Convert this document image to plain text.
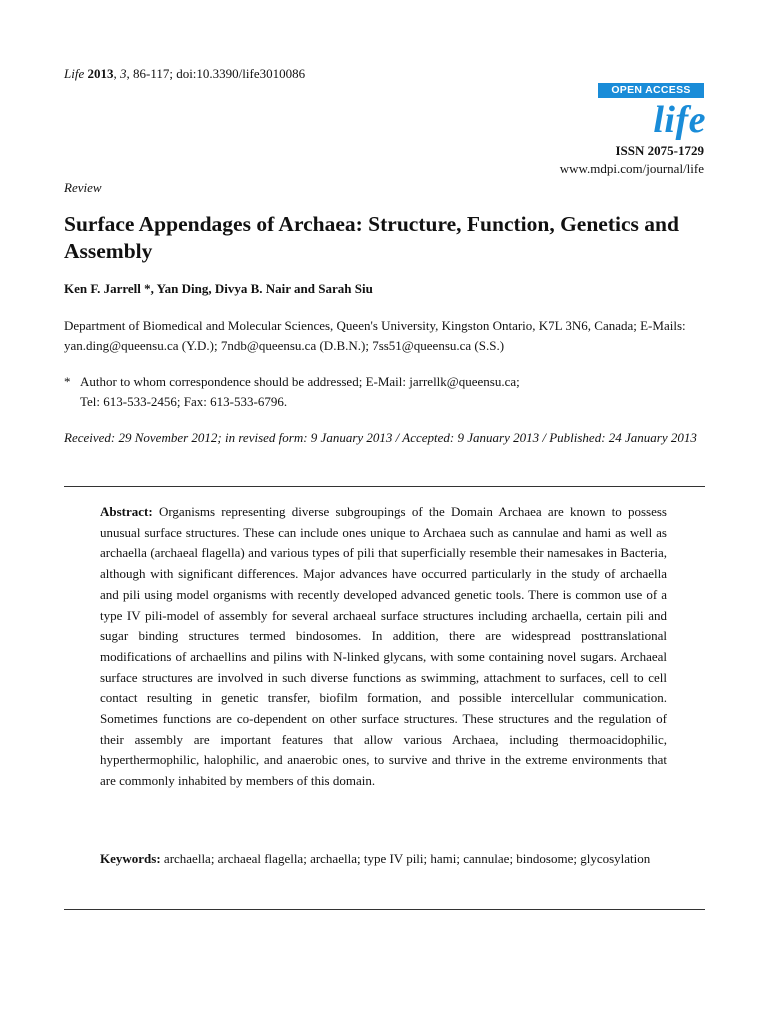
Life 2013, 3, 86-117; doi:10.3390/life3010086
OPEN ACCESS
life
ISSN 2075-1729
www.mdpi.com/journal/life
Review
Surface Appendages of Archaea: Structure, Function, Genetics and Assembly
Ken F. Jarrell *, Yan Ding, Divya B. Nair and Sarah Siu
Department of Biomedical and Molecular Sciences, Queen's University, Kingston Ontario, K7L 3N6, Canada; E-Mails: yan.ding@queensu.ca (Y.D.); 7ndb@queensu.ca (D.B.N.); 7ss51@queensu.ca (S.S.)
* Author to whom correspondence should be addressed; E-Mail: jarrellk@queensu.ca;
Tel: 613-533-2456; Fax: 613-533-6796.
Received: 29 November 2012; in revised form: 9 January 2013 / Accepted: 9 January 2013 / Published: 24 January 2013
Abstract: Organisms representing diverse subgroupings of the Domain Archaea are known to possess unusual surface structures. These can include ones unique to Archaea such as cannulae and hami as well as archaella (archaeal flagella) and various types of pili that superficially resemble their namesakes in Bacteria, although with significant differences. Major advances have occurred particularly in the study of archaella and pili using model organisms with recently developed advanced genetic tools. There is common use of a type IV pili-model of assembly for several archaeal surface structures including archaella, certain pili and sugar binding structures termed bindosomes. In addition, there are widespread posttranslational modifications of archaellins and pilins with N-linked glycans, with some containing novel sugars. Archaeal surface structures are involved in such diverse functions as swimming, attachment to surfaces, cell to cell contact resulting in genetic transfer, biofilm formation, and possible intercellular communication. Sometimes functions are co-dependent on other surface structures. These structures and the regulation of their assembly are important features that allow various Archaea, including thermoacidophilic, hyperthermophilic, halophilic, and anaerobic ones, to survive and thrive in the extreme environments that are commonly inhabited by members of this domain.
Keywords: archaella; archaeal flagella; archaella; type IV pili; hami; cannulae; bindosome; glycosylation
